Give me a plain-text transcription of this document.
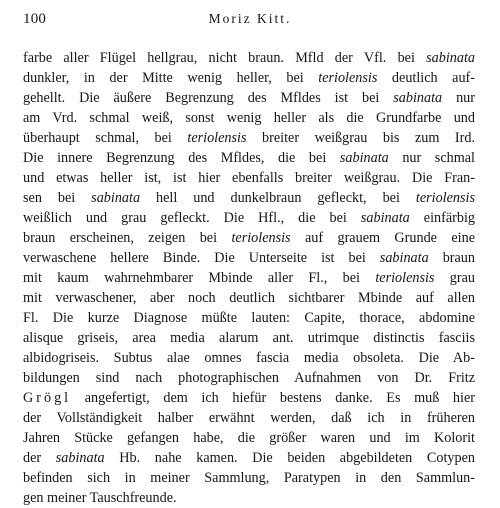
100	Moriz Kitt.
farbe aller Flügel hellgrau, nicht braun. Mfld der Vfl. bei sabinata
dunkler, in der Mitte wenig heller, bei teriolensis deutlich auf-
gehellt. Die äußere Begrenzung des Mfldes ist bei sabinata nur
am Vrd. schmal weiß, sonst wenig heller als die Grundfarbe und
überhaupt schmal, bei teriolensis breiter weißgrau bis zum Ird.
Die innere Begrenzung des Mfldes, die bei sabinata nur schmal
und etwas heller ist, ist hier ebenfalls breiter weißgrau. Die Fran-
sen bei sabinata hell und dunkelbraun gefleckt, bei teriolensis
weißlich und grau gefleckt. Die Hfl., die bei sabinata einfärbig
braun erscheinen, zeigen bei teriolensis auf grauem Grunde eine
verwaschene hellere Binde. Die Unterseite ist bei sabinata braun
mit kaum wahrnehmbarer Mbinde aller Fl., bei teriolensis grau
mit verwaschener, aber noch deutlich sichtbarer Mbinde auf allen
Fl. Die kurze Diagnose müßte lauten: Capite, thorace, abdomine
alisque griseis, area media alarum ant. utrimque distinctis fasciis
albidogriseis. Subtus alae omnes fascia media obsoleta. Die Ab-
bildungen sind nach photographischen Aufnahmen von Dr. Fritz
Grögl angefertigt, dem ich hiefür bestens danke. Es muß hier
der Vollständigkeit halber erwähnt werden, daß ich in früheren
Jahren Stücke gefangen habe, die größer waren und im Kolorit
der sabinata Hb. nahe kamen. Die beiden abgebildeten Cotypen
befinden sich in meiner Sammlung, Paratypen in den Sammlun-
gen meiner Tauschfreunde.
